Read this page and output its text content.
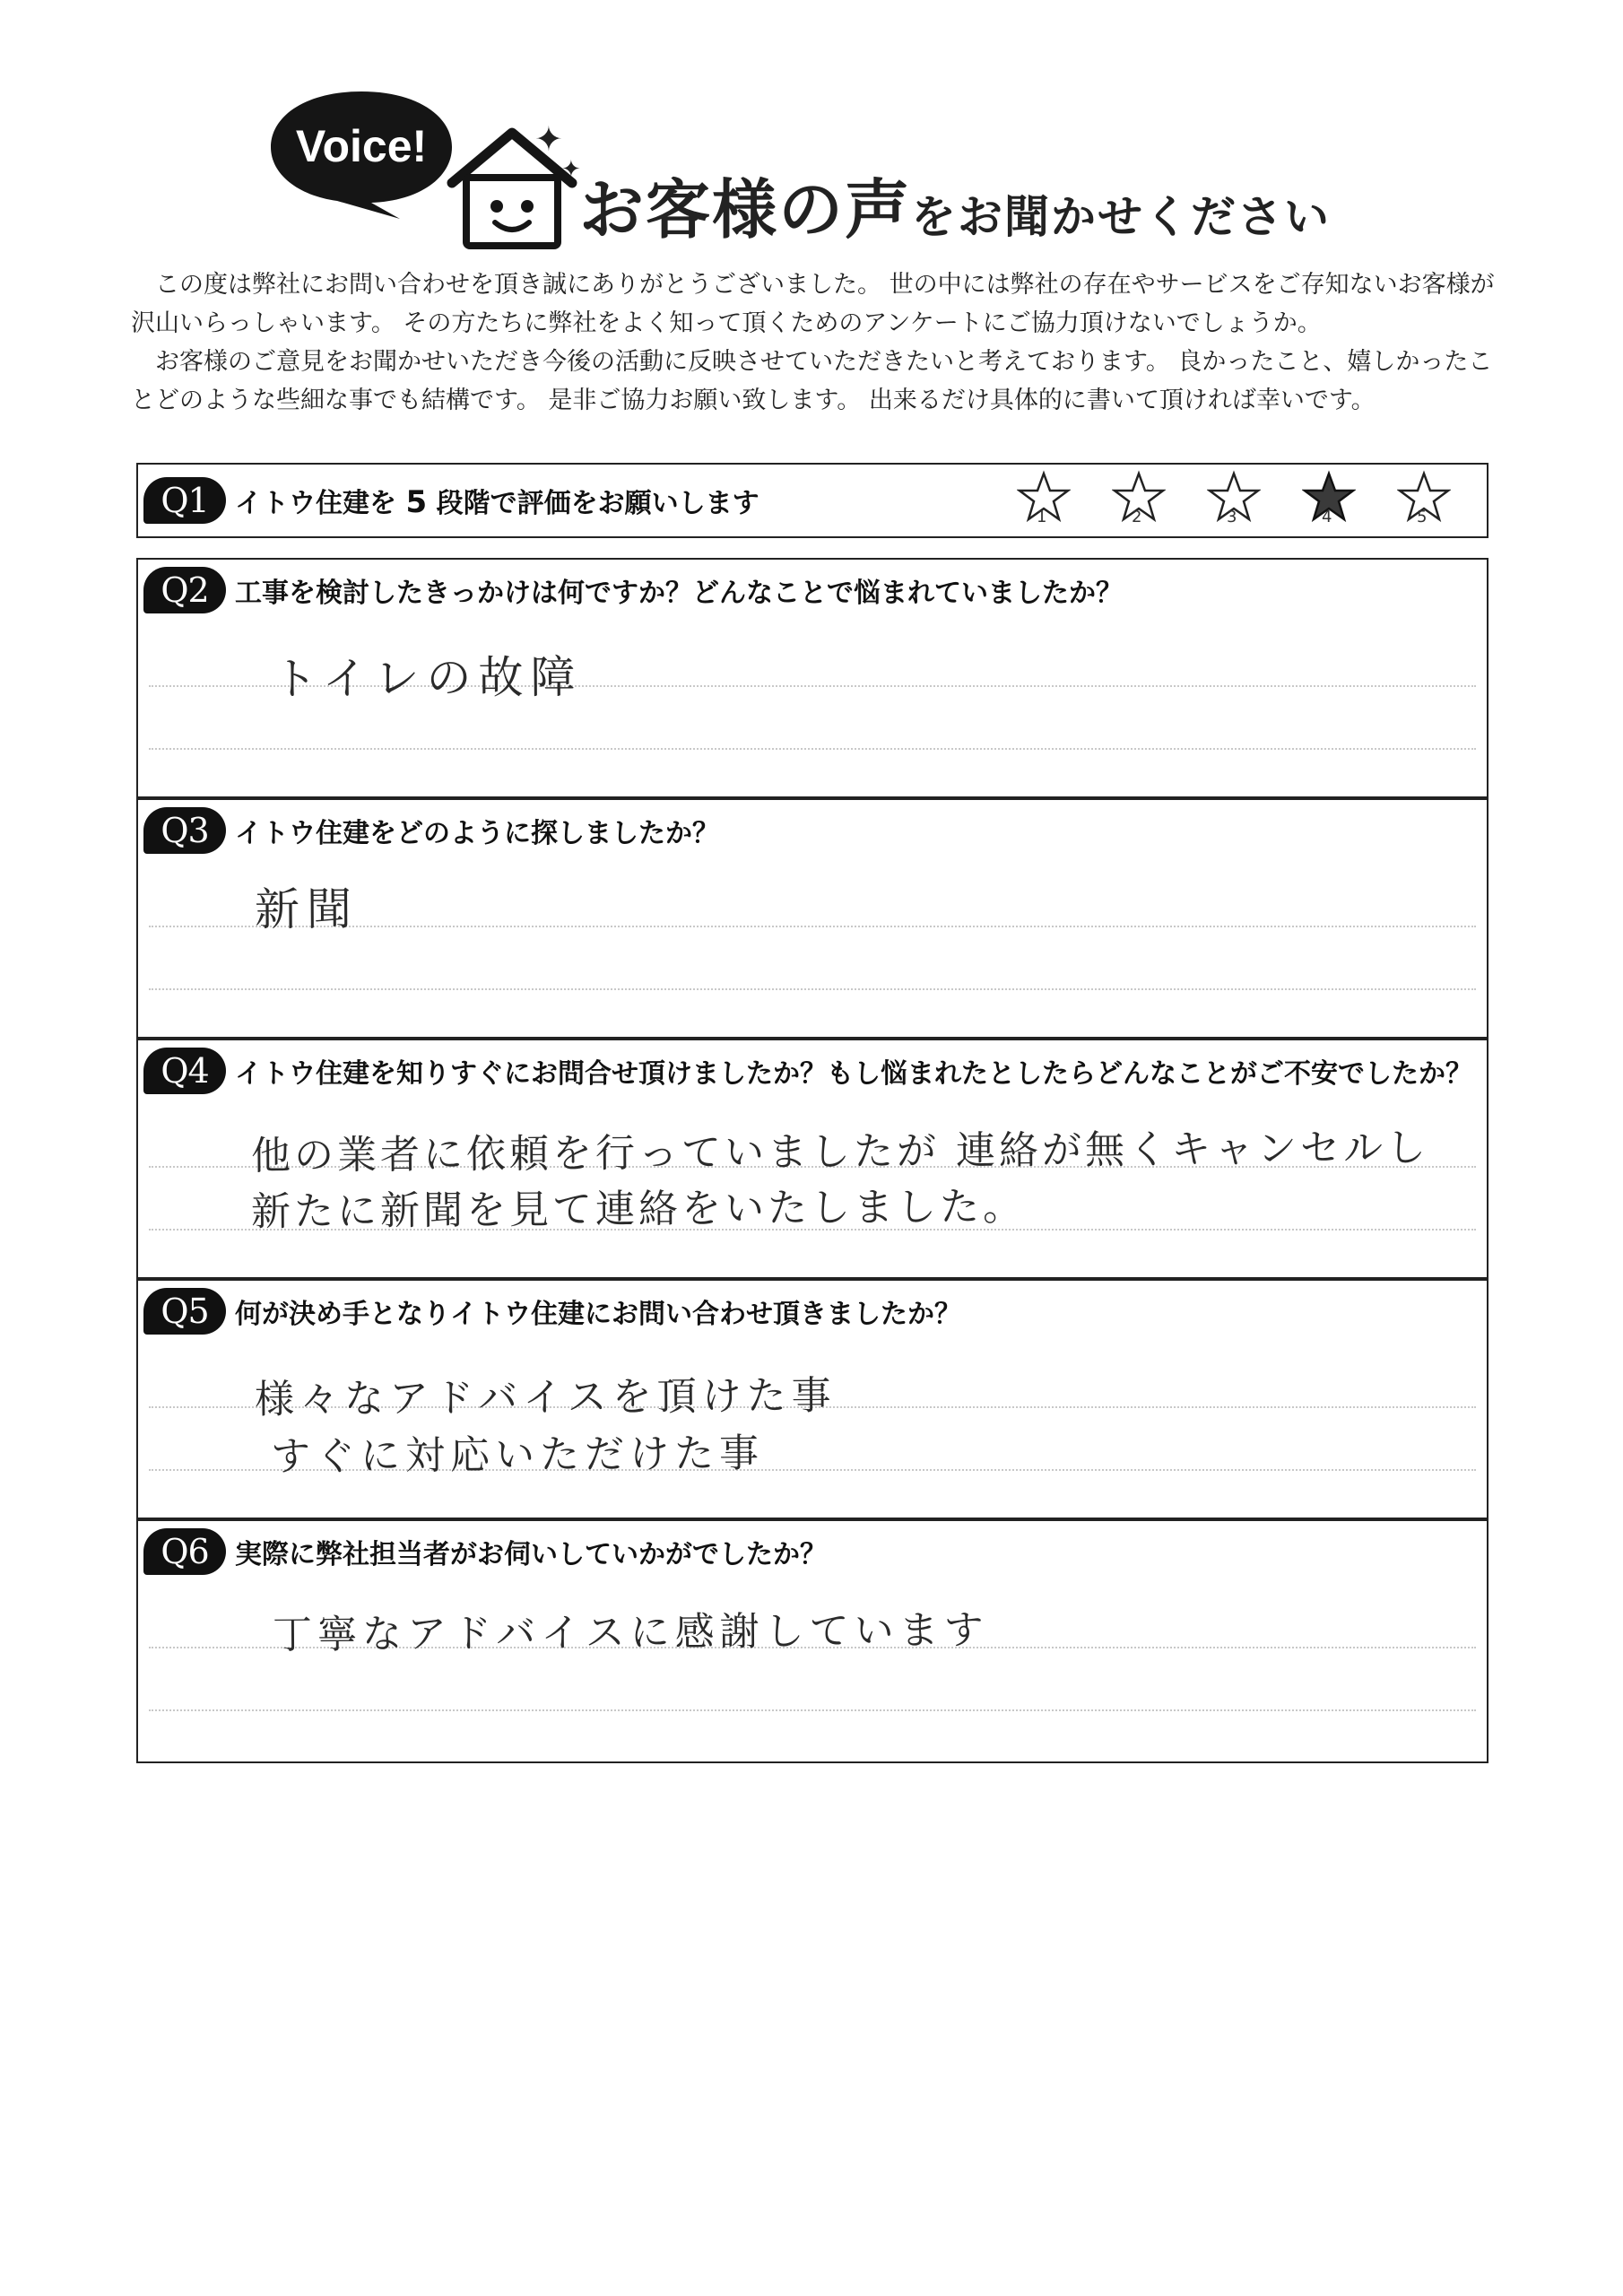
Voice!	✦
✦
お客様の声をお聞かせください

この度は弊社にお問い合わせを頂き誠にありがとうございました。 世の中には弊社の存在やサービスをご存知ないお客様が沢山いらっしゃいます。 その方たちに弊社をよく知って頂くためのアンケートにご協力頂けないでしょうか。

お客様のご意見をお聞かせいただき今後の活動に反映させていただきたいと考えております。 良かったこと、嬉しかったことどのような些細な事でも結構です。 是非ご協力お願い致します。 出来るだけ具体的に書いて頂ければ幸いです。

Q1 イトウ住建を 5 段階で評価をお願いします	1	2	3	4	5
Q2 工事を検討したきっかけは何ですか？どんなことで悩まれていましたか？
トイレの故障
Q3 イトウ住建をどのように探しましたか？
新聞
Q4 イトウ住建を知りすぐにお問合せ頂けましたか？もし悩まれたとしたらどんなことがご不安でしたか？
他の業者に依頼を行っていましたが 連絡が無くキャンセルし
新たに新聞を見て連絡をいたしました。
Q5 何が決め手となりイトウ住建にお問い合わせ頂きましたか？
様々なアドバイスを頂けた事
すぐに対応いただけた事
Q6 実際に弊社担当者がお伺いしていかがでしたか？
丁寧なアドバイスに感謝しています
